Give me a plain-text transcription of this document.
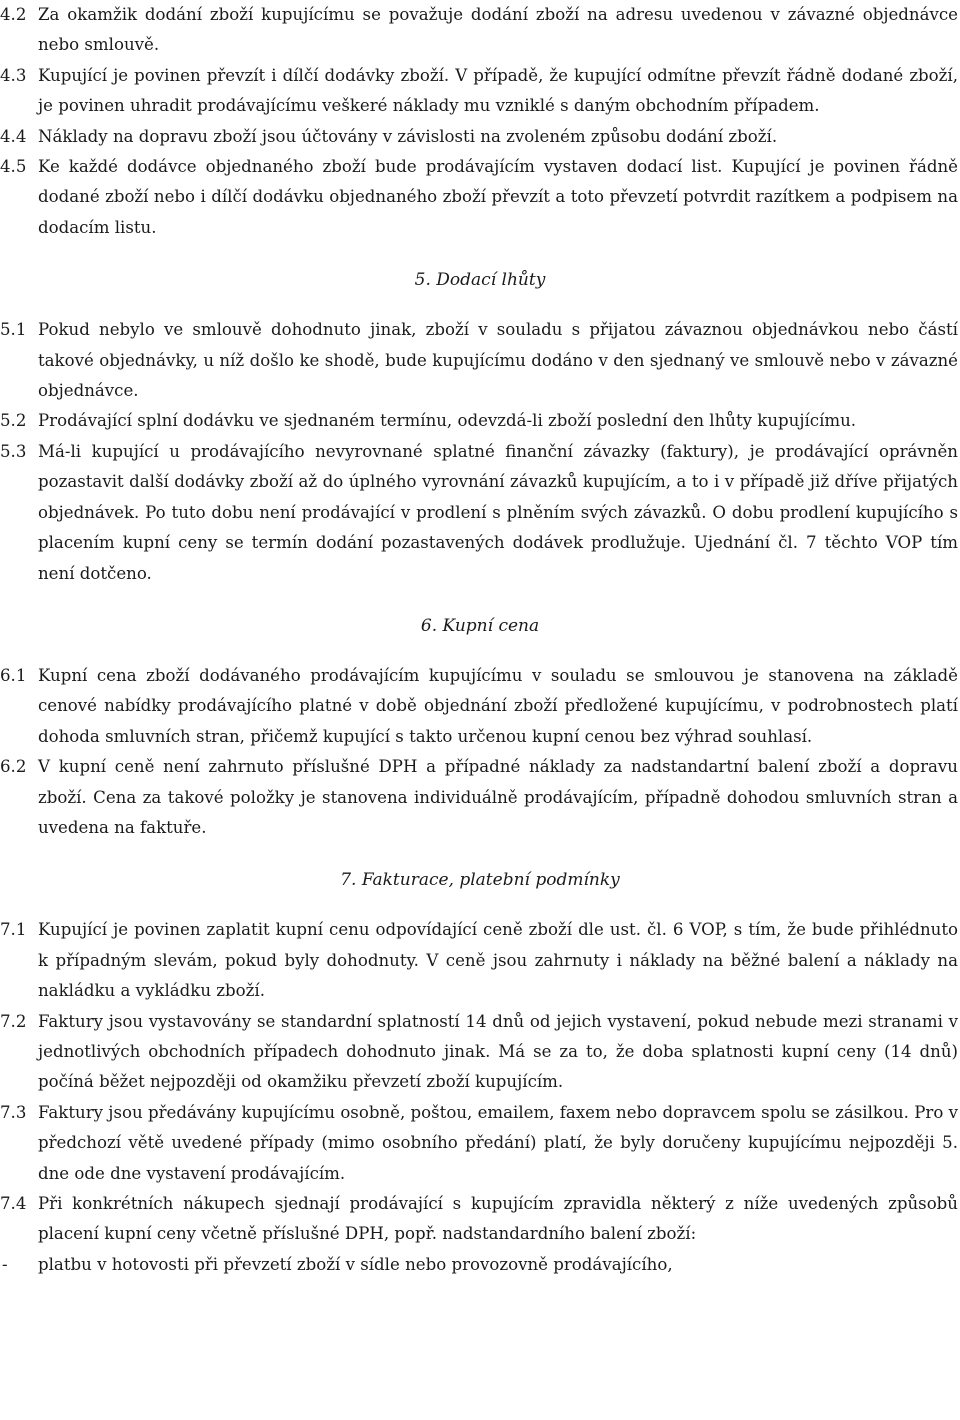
4.2 Za okamžik dodání zboží kupujícímu se považuje dodání zboží na adresu uvedenou v závazné objednávce nebo smlouvě.

4.3 Kupující je povinen převzít i dílčí dodávky zboží. V případě, že kupující odmítne převzít řádně dodané zboží, je povinen uhradit prodávajícímu veškeré náklady mu vzniklé s daným obchodním případem.

4.4 Náklady na dopravu zboží jsou účtovány v závislosti na zvoleném způsobu dodání zboží.

4.5 Ke každé dodávce objednaného zboží bude prodávajícím vystaven dodací list. Kupující je povinen řádně dodané zboží nebo i dílčí dodávku objednaného zboží převzít a toto převzetí potvrdit razítkem a podpisem na dodacím listu.

5. Dodací lhůty

5.1 Pokud nebylo ve smlouvě dohodnuto jinak, zboží v souladu s přijatou závaznou objednávkou nebo částí takové objednávky, u níž došlo ke shodě, bude kupujícímu dodáno v den sjednaný ve smlouvě nebo v závazné objednávce.

5.2 Prodávající splní dodávku ve sjednaném termínu, odevzdá-li zboží poslední den lhůty kupujícímu.

5.3 Má-li kupující u prodávajícího nevyrovnané splatné finanční závazky (faktury), je prodávající oprávněn pozastavit další dodávky zboží až do úplného vyrovnání závazků kupujícím, a to i v případě již dříve přijatých objednávek. Po tuto dobu není prodávající v prodlení s plněním svých závazků. O dobu prodlení kupujícího s placením kupní ceny se termín dodání pozastavených dodávek prodlužuje. Ujednání čl. 7 těchto VOP tím není dotčeno.

6. Kupní cena

6.1 Kupní cena zboží dodávaného prodávajícím kupujícímu v souladu se smlouvou je stanovena na základě cenové nabídky prodávajícího platné v době objednání zboží předložené kupujícímu, v podrobnostech platí dohoda smluvních stran, přičemž kupující s takto určenou kupní cenou bez výhrad souhlasí.

6.2 V kupní ceně není zahrnuto příslušné DPH a případné náklady za nadstandartní balení zboží a dopravu zboží. Cena za takové položky je stanovena individuálně prodávajícím, případně dohodou smluvních stran a uvedena na faktuře.

7. Fakturace, platební podmínky

7.1 Kupující je povinen zaplatit kupní cenu odpovídající ceně zboží dle ust. čl. 6 VOP, s tím, že bude přihlédnuto k případným slevám, pokud byly dohodnuty. V ceně jsou zahrnuty i náklady na běžné balení a náklady na nakládku a vykládku zboží.

7.2 Faktury jsou vystavovány se standardní splatností 14 dnů od jejich vystavení, pokud nebude mezi stranami v jednotlivých obchodních případech dohodnuto jinak. Má se za to, že doba splatnosti kupní ceny (14 dnů) počíná běžet nejpozději od okamžiku převzetí zboží kupujícím.

7.3 Faktury jsou předávány kupujícímu osobně, poštou, emailem, faxem nebo dopravcem spolu se zásilkou. Pro v předchozí větě uvedené případy (mimo osobního předání) platí, že byly doručeny kupujícímu nejpozději 5. dne ode dne vystavení prodávajícím.

7.4 Při konkrétních nákupech sjednají prodávající s kupujícím zpravidla některý z níže uvedených způsobů placení kupní ceny včetně příslušné DPH, popř. nadstandardního balení zboží:

- platbu v hotovosti při převzetí zboží v sídle nebo provozovně prodávajícího,
